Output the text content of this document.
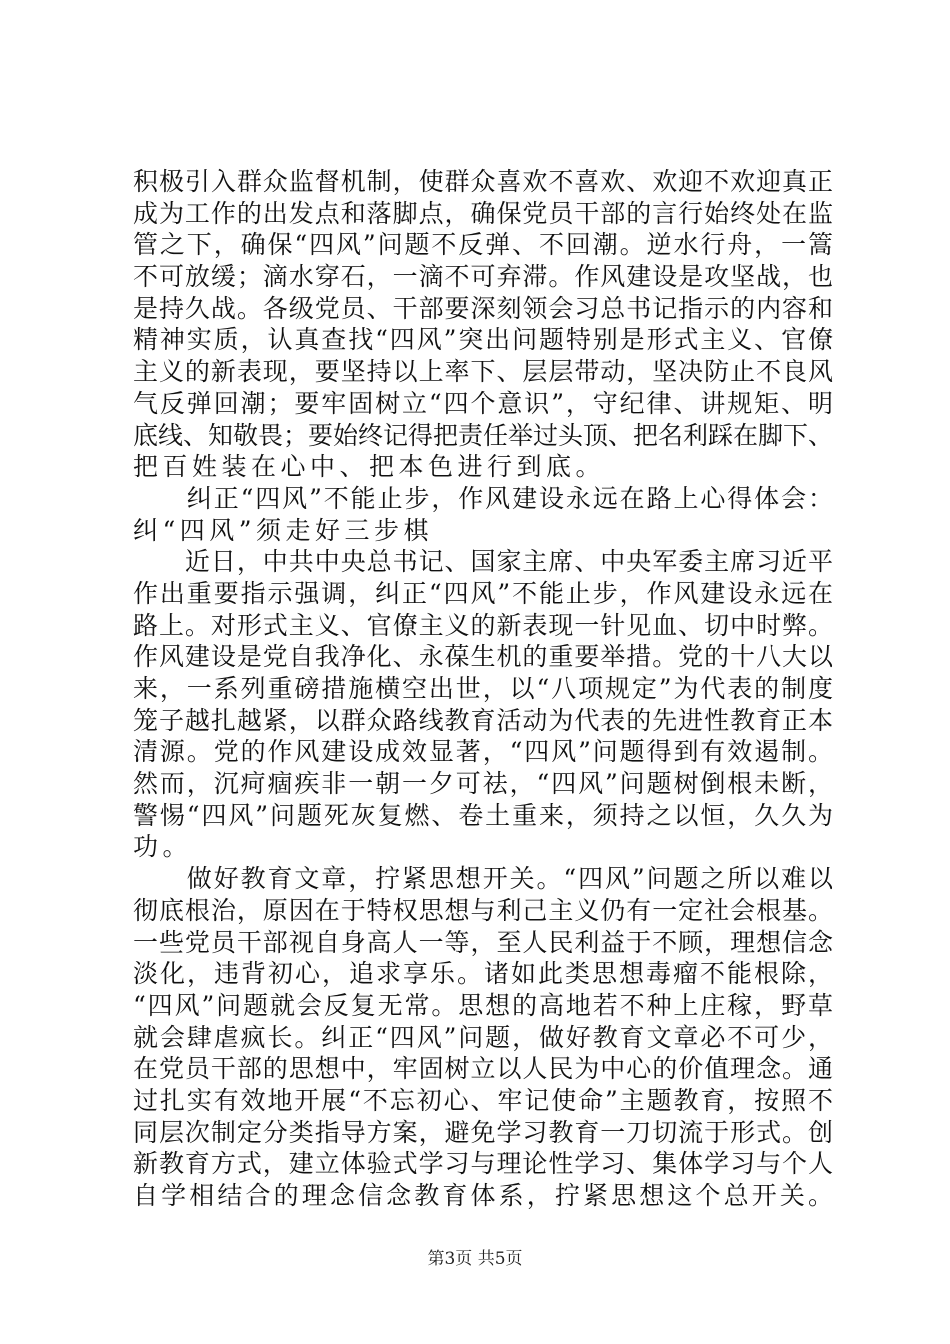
积极引入群众监督机制，使群众喜欢不喜欢、欢迎不欢迎真正
成为工作的出发点和落脚点，确保党员干部的言行始终处在监
管之下，确保“四风”问题不反弹、不回潮。逆水行舟，一篙
不可放缓；滴水穿石，一滴不可弃滞。作风建设是攻坚战，也
是持久战。各级党员、干部要深刻领会习总书记指示的内容和
精神实质，认真查找“四风”突出问题特别是形式主义、官僚
主义的新表现，要坚持以上率下、层层带动，坚决防止不良风
气反弹回潮；要牢固树立“四个意识”，守纪律、讲规矩、明
底线、知敬畏；要始终记得把责任举过头顶、把名利踩在脚下、
把百姓装在心中、把本色进行到底。
　　纠正“四风”不能止步，作风建设永远在路上心得体会：
纠“四风”须走好三步棋
　　近日，中共中央总书记、国家主席、中央军委主席习近平
作出重要指示强调，纠正“四风”不能止步，作风建设永远在
路上。对形式主义、官僚主义的新表现一针见血、切中时弊。
作风建设是党自我净化、永葆生机的重要举措。党的十八大以
来，一系列重磅措施横空出世，以“八项规定”为代表的制度
笼子越扎越紧，以群众路线教育活动为代表的先进性教育正本
清源。党的作风建设成效显著，“四风”问题得到有效遏制。
然而，沉疴痼疾非一朝一夕可祛，“四风”问题树倒根未断，
警惕“四风”问题死灰复燃、卷土重来，须持之以恒，久久为
功。
　　做好教育文章，拧紧思想开关。“四风”问题之所以难以
彻底根治，原因在于特权思想与利己主义仍有一定社会根基。
一些党员干部视自身高人一等，至人民利益于不顾，理想信念
淡化，违背初心，追求享乐。诸如此类思想毒瘤不能根除，
“四风”问题就会反复无常。思想的高地若不种上庄稼，野草
就会肆虐疯长。纠正“四风”问题，做好教育文章必不可少，
在党员干部的思想中，牢固树立以人民为中心的价值理念。通
过扎实有效地开展“不忘初心、牢记使命”主题教育，按照不
同层次制定分类指导方案，避免学习教育一刀切流于形式。创
新教育方式，建立体验式学习与理论性学习、集体学习与个人
自学相结合的理念信念教育体系，拧紧思想这个总开关。
第3页 共5页
